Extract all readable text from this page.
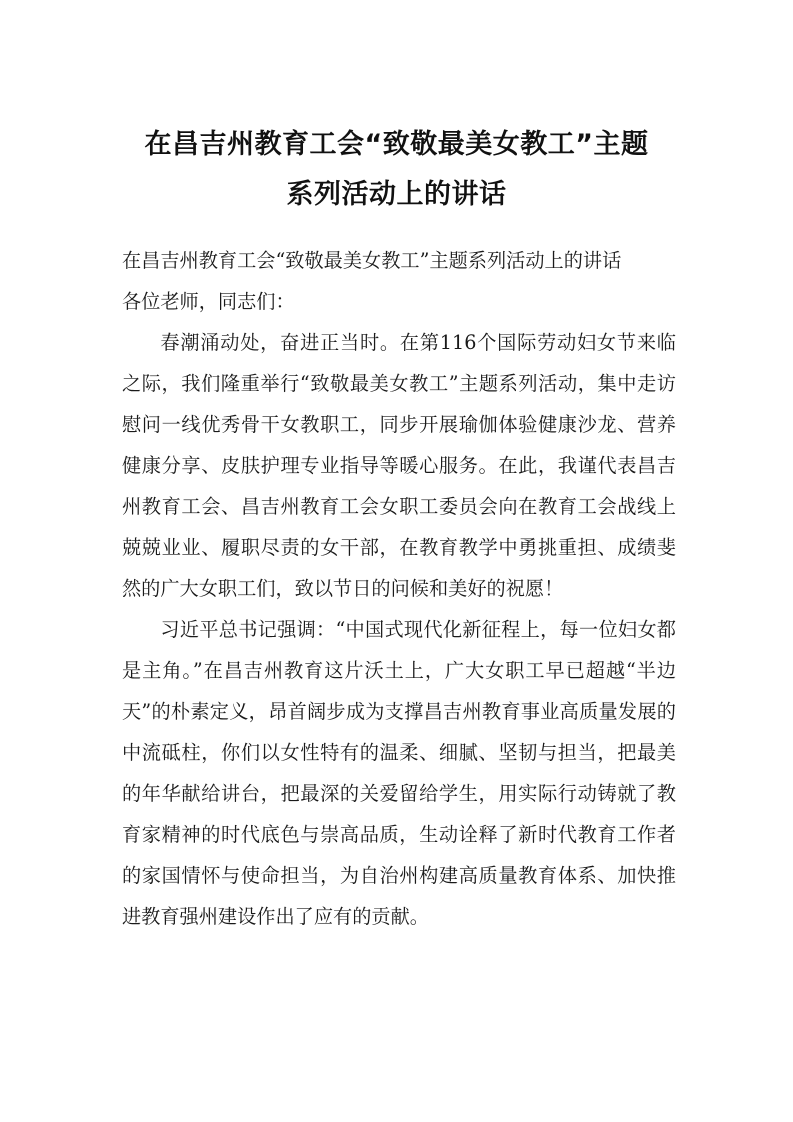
在昌吉州教育工会“致敬最美女教工”主题
系列活动上的讲话

在昌吉州教育工会“致敬最美女教工”主题系列活动上的讲话

各位老师，同志们：

春潮涌动处，奋进正当时。在第116个国际劳动妇女节来临之际，我们隆重举行“致敬最美女教工”主题系列活动，集中走访慰问一线优秀骨干女教职工，同步开展瑜伽体验健康沙龙、营养健康分享、皮肤护理专业指导等暖心服务。在此，我谨代表昌吉州教育工会、昌吉州教育工会女职工委员会向在教育工会战线上兢兢业业、履职尽责的女干部，在教育教学中勇挑重担、成绩斐然的广大女职工们，致以节日的问候和美好的祝愿！

习近平总书记强调：“中国式现代化新征程上，每一位妇女都是主角。”在昌吉州教育这片沃土上，广大女职工早已超越“半边天”的朴素定义，昂首阔步成为支撑昌吉州教育事业高质量发展的中流砥柱，你们以女性特有的温柔、细腻、坚韧与担当，把最美的年华献给讲台，把最深的关爱留给学生，用实际行动铸就了教育家精神的时代底色与崇高品质，生动诠释了新时代教育工作者的家国情怀与使命担当，为自治州构建高质量教育体系、加快推进教育强州建设作出了应有的贡献。
